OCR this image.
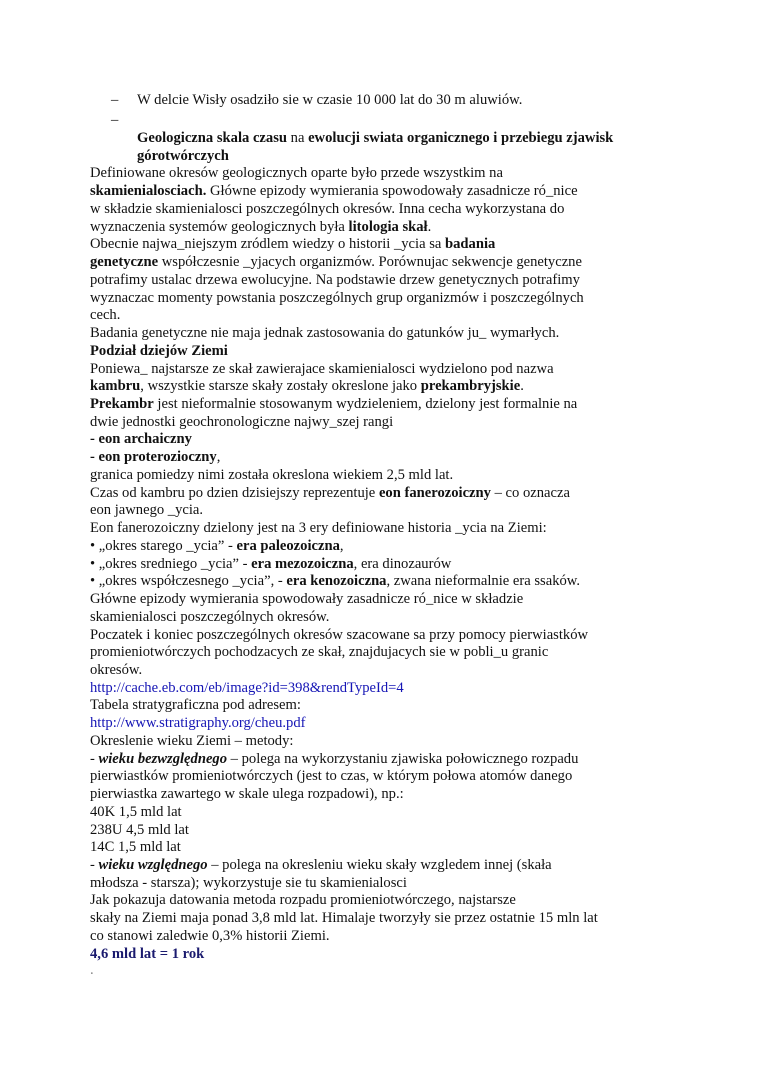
– W delcie Wisły osadziło sie w czasie 10 000 lat do 30 m aluwiów.
–
Geologiczna skala czasu na ewolucji swiata organicznego i przebiegu zjawisk
górotwórczych
Definiowane okresów geologicznych oparte było przede wszystkim na
skamienialosciach. Główne epizody wymierania spowodowały zasadnicze ró_nice
w składzie skamienialosci poszczególnych okresów. Inna cecha wykorzystana do
wyznaczenia systemów geologicznych była litologia skał.
Obecnie najwa_niejszym zródlem wiedzy o historii _ycia sa badania
genetyczne współczesnie _yjacych organizmów. Porównujac sekwencje genetyczne
potrafimy ustalac drzewa ewolucyjne. Na podstawie drzew genetycznych potrafimy
wyznaczac momenty powstania poszczególnych grup organizmów i poszczególnych
cech.
Badania genetyczne nie maja jednak zastosowania do gatunków ju_ wymarłych.
Podział dziejów Ziemi
Poniewa_ najstarsze ze skał zawierajace skamienialosci wydzielono pod nazwa
kambru, wszystkie starsze skały zostały okreslone jako prekambryjskie.
Prekambr jest nieformalnie stosowanym wydzieleniem, dzielony jest formalnie na
dwie jednostki geochronologiczne najwy_szej rangi
- eon archaiczny
- eon proterozioczny,
granica pomiedzy nimi została okreslona wiekiem 2,5 mld lat.
Czas od kambru po dzien dzisiejszy reprezentuje eon fanerozoiczny – co oznacza
eon jawnego _ycia.
Eon fanerozoiczny dzielony jest na 3 ery definiowane historia _ycia na Ziemi:
• „okres starego _ycia” - era paleozoiczna,
• „okres sredniego _ycia” - era mezozoiczna, era dinozaurów
• „okres współczesnego _ycia”, - era kenozoiczna, zwana nieformalnie era ssaków.
Główne epizody wymierania spowodowały zasadnicze ró_nice w składzie
skamienialosci poszczególnych okresów.
Poczatek i koniec poszczególnych okresów szacowane sa przy pomocy pierwiastków
promieniotwórczych pochodzacych ze skał, znajdujacych sie w pobli_u granic
okresów.
http://cache.eb.com/eb/image?id=398&rendTypeId=4
Tabela stratygraficzna pod adresem:
http://www.stratigraphy.org/cheu.pdf
Okreslenie wieku Ziemi – metody:
- wieku bezwzględnego – polega na wykorzystaniu zjawiska połowicznego rozpadu
pierwiastków promieniotwórczych (jest to czas, w którym połowa atomów danego
pierwiastka zawartego w skale ulega rozpadowi), np.:
40K 1,5 mld lat
238U 4,5 mld lat
14C 1,5 mld lat
- wieku względnego – polega na okresleniu wieku skały wzgledem innej (skała
młodsza - starsza); wykorzystuje sie tu skamienialosci
Jak pokazuja datowania metoda rozpadu promieniotwórczego, najstarsze
skały na Ziemi maja ponad 3,8 mld lat. Himalaje tworzyły sie przez ostatnie 15 mln lat
co stanowi zaledwie 0,3% historii Ziemi.
4,6 mld lat = 1 rok
.
